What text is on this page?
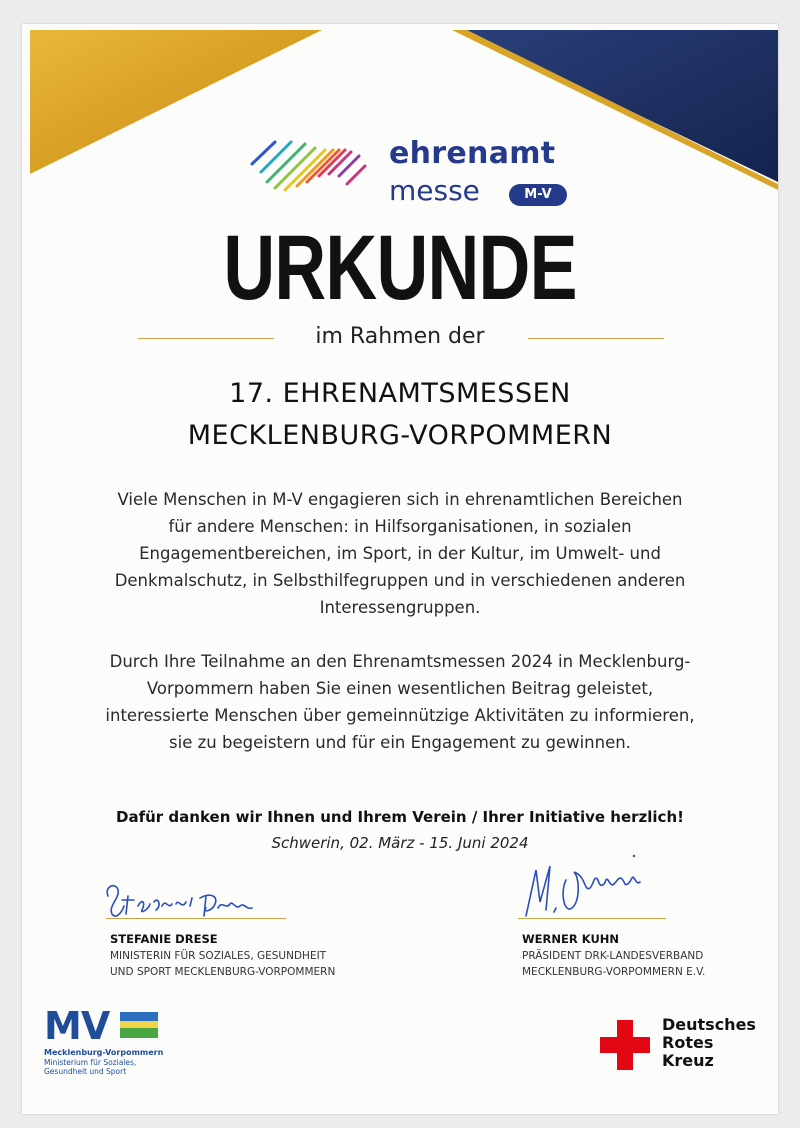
ehrenamt
messe	M-V
URKUNDE
im Rahmen der
17. EHRENAMTSMESSEN
MECKLENBURG-VORPOMMERN
Viele Menschen in M-V engagieren sich in ehrenamtlichen Bereichen
für andere Menschen: in Hilfsorganisationen, in sozialen
Engagementbereichen, im Sport, in der Kultur, im Umwelt- und
Denkmalschutz, in Selbsthilfegruppen und in verschiedenen anderen
Interessengruppen.
Durch Ihre Teilnahme an den Ehrenamtsmessen 2024 in Mecklenburg-
Vorpommern haben Sie einen wesentlichen Beitrag geleistet,
interessierte Menschen über gemeinnützige Aktivitäten zu informieren,
sie zu begeistern und für ein Engagement zu gewinnen.
Dafür danken wir Ihnen und Ihrem Verein / Ihrer Initiative herzlich!
Schwerin, 02. März - 15. Juni 2024
STEFANIE DRESE
MINISTERIN FÜR SOZIALES, GESUNDHEIT
UND SPORT MECKLENBURG-VORPOMMERN
WERNER KUHN
PRÄSIDENT DRK-LANDESVERBAND
MECKLENBURG-VORPOMMERN E.V.
MV
Mecklenburg-Vorpommern
Ministerium für Soziales,
Gesundheit und Sport
Deutsches
Rotes
Kreuz
